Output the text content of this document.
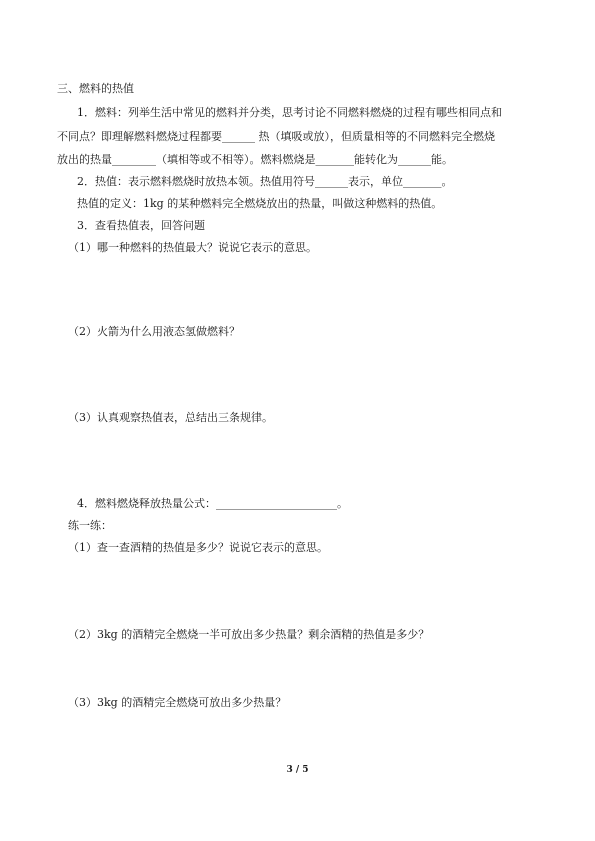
三、燃料的热值
1．燃料：列举生活中常见的燃料并分类，思考讨论不同燃料燃烧的过程有哪些相同点和
不同点？即理解燃料燃烧过程都要______ 热（填吸或放），但质量相等的不同燃料完全燃烧
放出的热量________（填相等或不相等）。燃料燃烧是_______能转化为______能。
2．热值：表示燃料燃烧时放热本领。热值用符号______表示，单位_______。
热值的定义：1kg 的某种燃料完全燃烧放出的热量，叫做这种燃料的热值。
3．查看热值表，回答问题
（1）哪一种燃料的热值最大？说说它表示的意思。
（2）火箭为什么用液态氢做燃料？
（3）认真观察热值表，总结出三条规律。
4．燃料燃烧释放热量公式：______________________。
练一练：
（1）查一查酒精的热值是多少？说说它表示的意思。
（2）3kg 的酒精完全燃烧一半可放出多少热量？剩余酒精的热值是多少？
（3）3kg 的酒精完全燃烧可放出多少热量？
3 / 5
